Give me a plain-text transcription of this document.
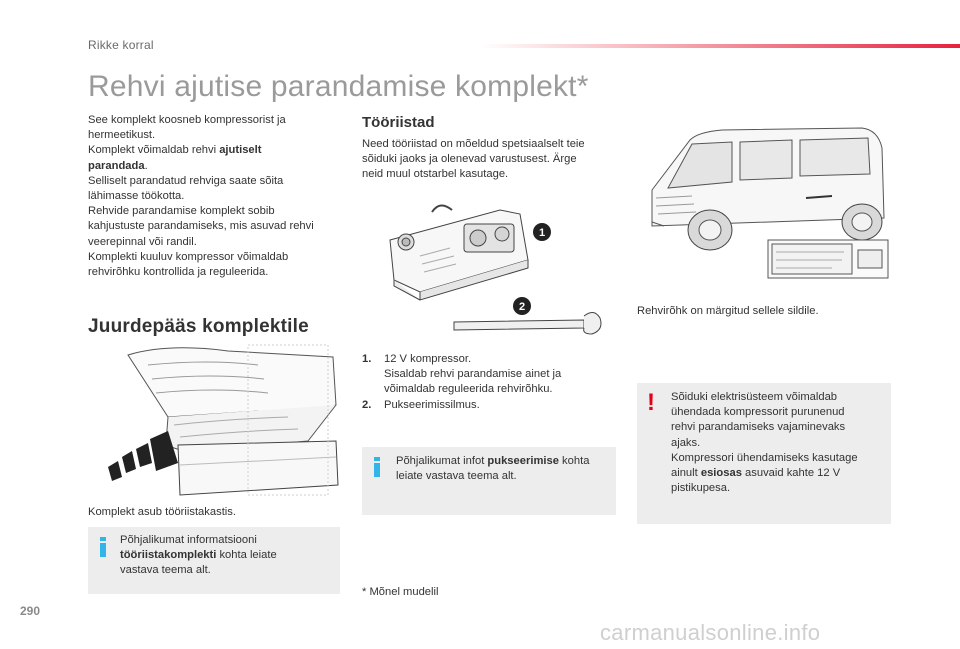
Rikke korral
Rehvi ajutise parandamise komplekt*
See komplekt koosneb kompressorist ja
hermeetikust.
Komplekt võimaldab rehvi ajutiselt
parandada.
Selliselt parandatud rehviga saate sõita
lähimasse töökotta.
Rehvide parandamise komplekt sobib
kahjustuste parandamiseks, mis asuvad rehvi
veerepinnal või randil.
Komplekti kuuluv kompressor võimaldab
rehvirõhku kontrollida ja reguleerida.
Juurdepääs komplektile
Komplekt asub tööriistakastis.
Põhjalikumat informatsiooni
tööriistakomplekti kohta leiate
vastava teema alt.
Tööriistad
Need tööriistad on mõeldud spetsiaalselt teie
sõiduki jaoks ja olenevad varustusest. Ärge
neid muul otstarbel kasutage.
1
2
1. 12 V kompressor.
Sisaldab rehvi parandamise ainet ja
võimaldab reguleerida rehvirõhku.
2. Pukseerimissilmus.
Põhjalikumat infot pukseerimise kohta
leiate vastava teema alt.
* Mõnel mudelil
Rehvirõhk on märgitud sellele sildile.
! Sõiduki elektrisüsteem võimaldab
ühendada kompressorit purunenud
rehvi parandamiseks vajaminevaks
ajaks.
Kompressori ühendamiseks kasutage
ainult esiosas asuvaid kahte 12 V
pistikupesa.
290
carmanualsonline.info
